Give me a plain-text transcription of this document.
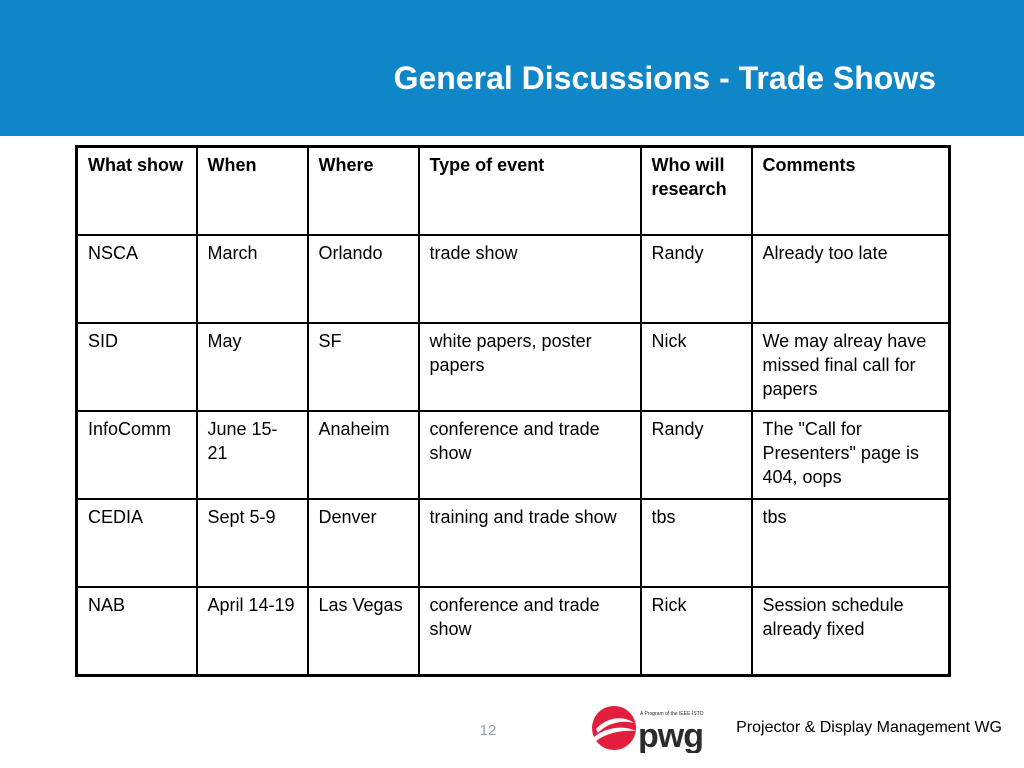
General Discussions - Trade Shows
What show	When	Where	Type of event	Who will research	Comments
NSCA	March	Orlando	trade show	Randy	Already too late
SID	May	SF	white papers, poster papers	Nick	We may alreay have missed final call for papers
InfoComm	June 15-21	Anaheim	conference and trade show	Randy	The "Call for Presenters" page is 404, oops
CEDIA	Sept 5-9	Denver	training and trade show	tbs	tbs
NAB	April 14-19	Las Vegas	conference and trade show	Rick	Session schedule already fixed
12
A Program of the IEEE-ISTO
pwg Projector & Display Management WG
